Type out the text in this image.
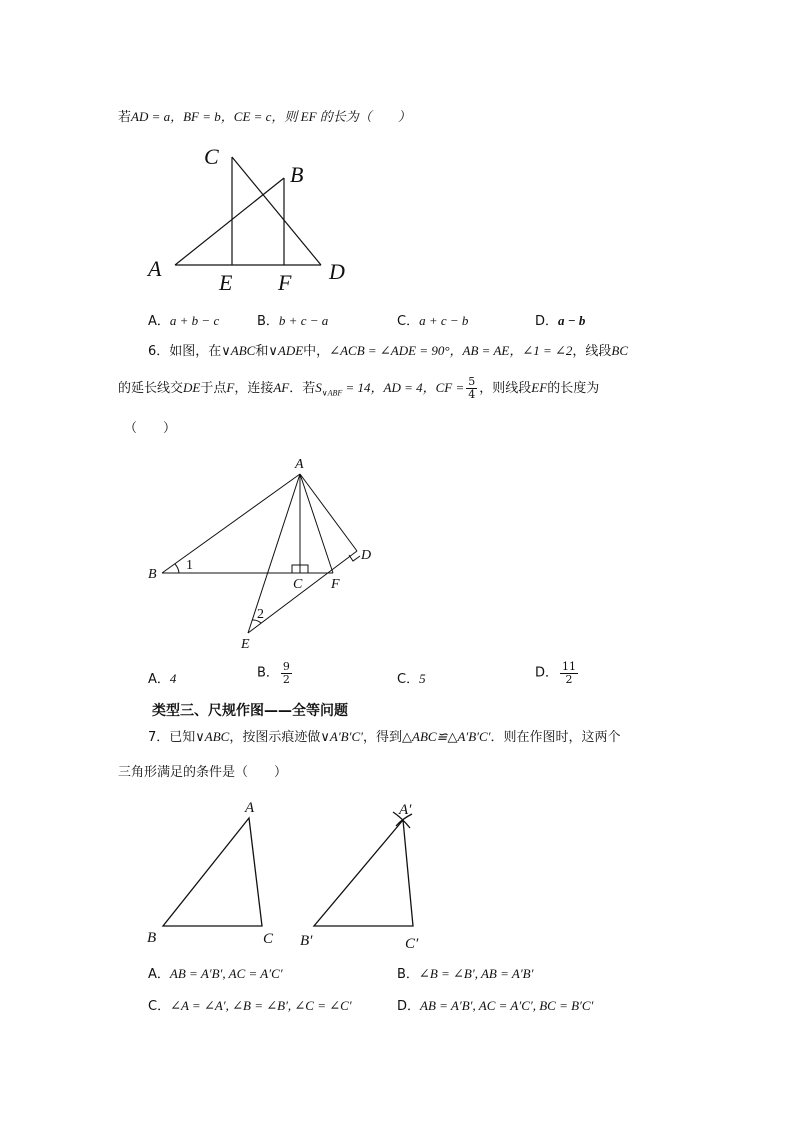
若AD = a，BF = b，CE = c，则 EF 的长为（　　）
C
B
A
E F D
A．a + b − c	B．b + c − a	C．a + c − b	D．a − b
6．如图，在∨ABC和∨ADE中，∠ACB = ∠ADE = 90°，AB = AE，∠1 = ∠2，线段BC
的延长线交DE于点F，连接AF．若$S_{\vee ABF} = 14$，AD = 4，CF = $\frac{5}{4}$ ，则线段EF的长度为
（　　）
A
B
C
D
E
F
1
2
A．4	B． $\frac{9}{2}$	C．5	D． $\frac{11}{2}$
类型三、尺规作图——全等问题
7．已知∨ABC，按图示痕迹做∨A′B′C′，得到△ABC≌△A′B′C′．则在作图时，这两个
三角形满足的条件是（　　）
A
B	C
A′
B′	C′
A．AB = A′B′, AC = A′C′	B．∠B = ∠B′, AB = A′B′
C．∠A = ∠A′, ∠B = ∠B′, ∠C = ∠C′	D．AB = A′B′, AC = A′C′, BC = B′C′
